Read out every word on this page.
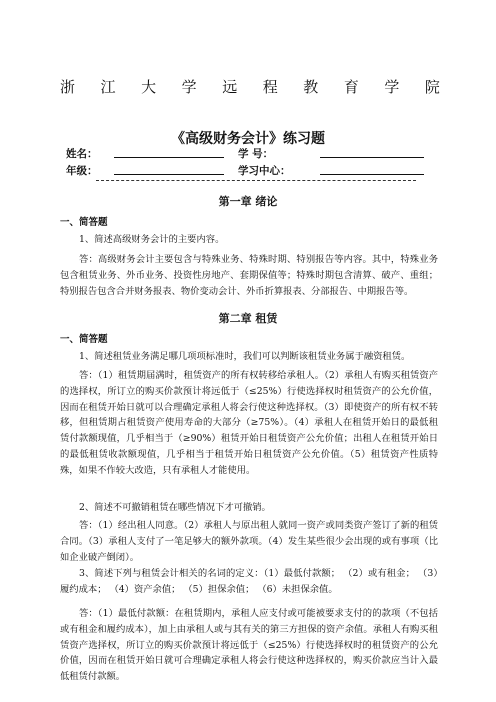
浙 江 大 学 远 程 教 育 学 院
《高级财务会计》练习题
姓名：	学 号：
年级：	学习中心：
第一章 绪论
一、简答题
1、简述高级财务会计的主要内容。
答：高级财务会计主要包含与特殊业务、特殊时期、特别报告等内容。其中，特殊业务包含租赁业务、外币业务、投资性房地产、套期保值等；特殊时期包含清算、破产、重组；特别报告包含合并财务报表、物价变动会计、外币折算报表、分部报告、中期报告等。
第二章 租赁
一、简答题
1、简述租赁业务满足哪几项项标准时，我们可以判断该租赁业务属于融资租赁。
答：（1）租赁期届满时，租赁资产的所有权转移给承租人。（2）承租人有购买租赁资产的选择权，所订立的购买价款预计将远低于（≤25%）行使选择权时租赁资产的公允价值，因而在租赁开始日就可以合理确定承租人将会行使这种选择权。（3）即使资产的所有权不转移，但租赁期占租赁资产使用寿命的大部分（≥75%）。（4）承租人在租赁开始日的最低租赁付款额现值，几乎相当于（≥90%）租赁开始日租赁资产公允价值；出租人在租赁开始日的最低租赁收款额现值，几乎相当于租赁开始日租赁资产公允价值。（5）租赁资产性质特殊，如果不作较大改造，只有承租人才能使用。
2、简述不可撤销租赁在哪些情况下才可撤销。
答：（1）经出租人同意。（2）承租人与原出租人就同一资产或同类资产签订了新的租赁合同。（3）承租人支付了一笔足够大的额外款项。（4）发生某些很少会出现的或有事项（比如企业破产倒闭）。
3、简述下列与租赁会计相关的名词的定义：（1）最低付款额； （2）或有租金； （3）履约成本； （4）资产余值； （5）担保余值； （6）未担保余值。
答：（1）最低付款额：在租赁期内，承租人应支付或可能被要求支付的的款项（不包括或有租金和履约成本），加上由承租人或与其有关的第三方担保的资产余值。承租人有购买租赁资产选择权，所订立的购买价款预计将远低于（≤25%）行使选择权时的租赁资产的公允价值，因而在租赁开始日就可合理确定承租人将会行使这种选择权的，购买价款应当计入最低租赁付款额。
